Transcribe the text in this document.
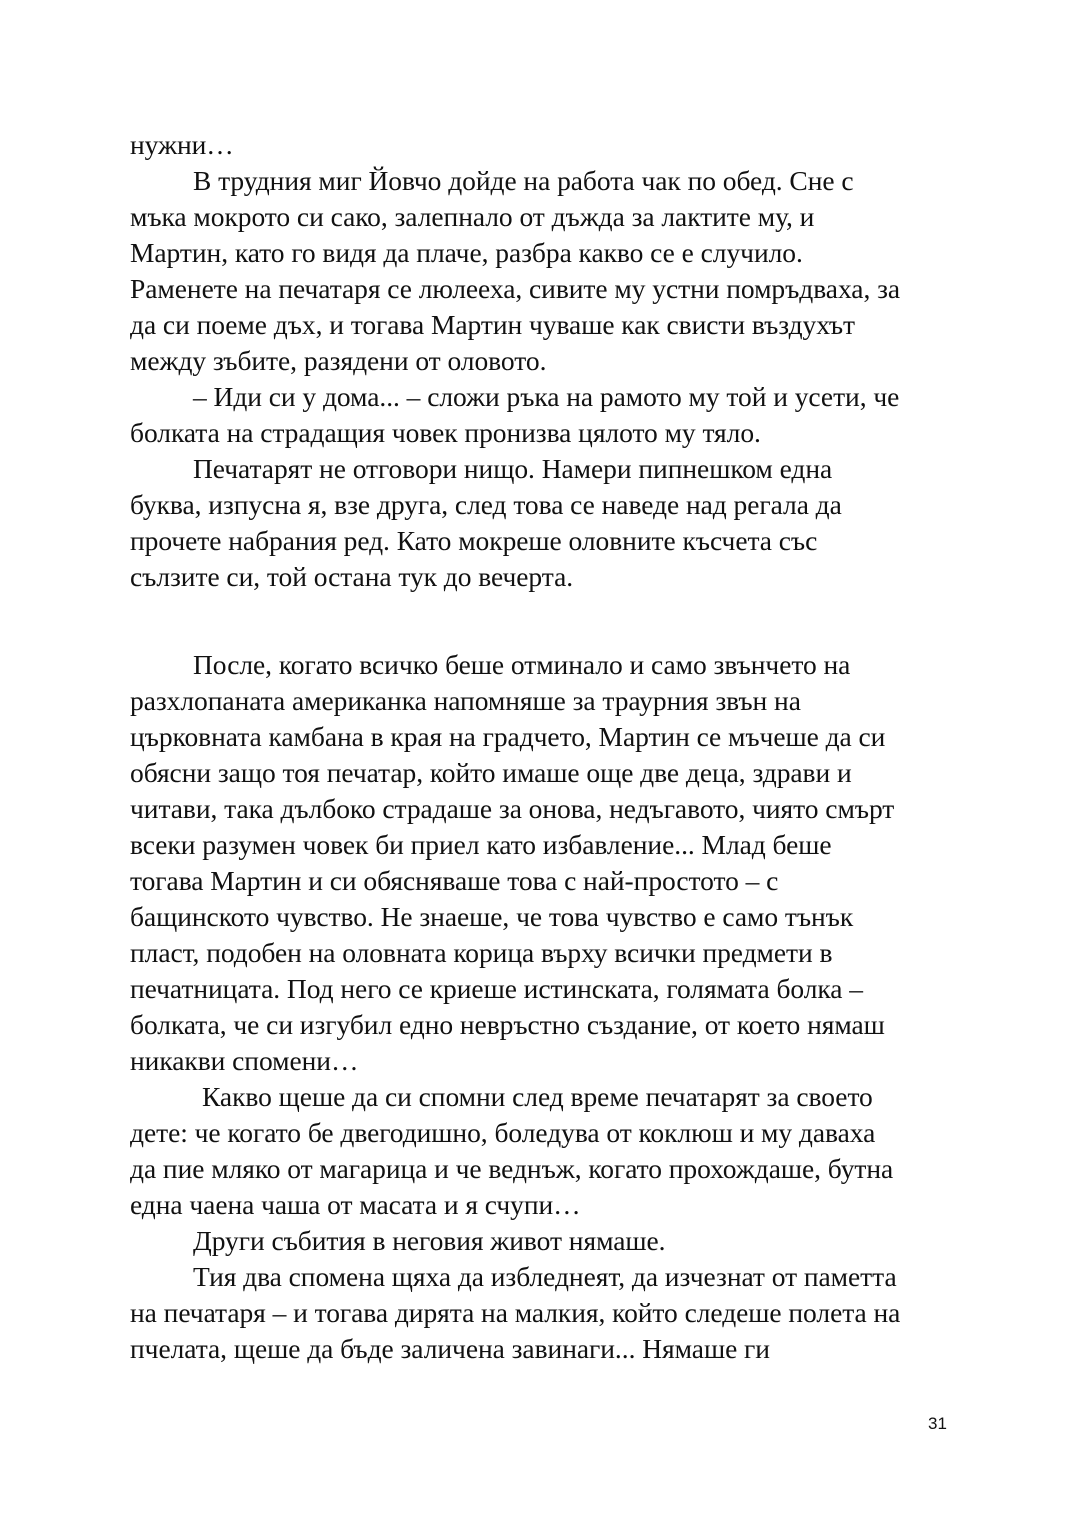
нужни…
В трудния миг Йовчо дойде на работа чак по обед. Сне с
мъка мокрото си сако, залепнало от дъжда за лактите му, и
Мартин, като го видя да плаче, разбра какво се е случило.
Раменете на печатаря се люлееха, сивите му устни помръдваха, за
да си поеме дъх, и тогава Мартин чуваше как свисти въздухът
между зъбите, разядени от оловото.
– Иди си у дома... – сложи ръка на рамото му той и усети, че
болката на страдащия човек пронизва цялото му тяло.
Печатарят не отговори нищо. Намери пипнешком една
буква, изпусна я, взе друга, след това се наведе над регала да
прочете набрания ред. Като мокреше оловните късчета със
сълзите си, той остана тук до вечерта.
После, когато всичко беше отминало и само звънчето на
разхлопаната американка напомняше за траурния звън на
църковната камбана в края на градчето, Мартин се мъчеше да си
обясни защо тоя печатар, който имаше още две деца, здрави и
читави, така дълбоко страдаше за онова, недъгавото, чиято смърт
всеки разумен човек би приел като избавление... Млад беше
тогава Мартин и си обясняваше това с най-простото – с
бащинското чувство. Не знаеше, че това чувство е само тънък
пласт, подобен на оловната корица върху всички предмети в
печатницата. Под него се криеше истинската, голямата болка –
болката, че си изгубил едно невръстно създание, от което нямаш
никакви спомени…
Какво щеше да си спомни след време печатарят за своето
дете: че когато бе двегодишно, боледува от коклюш и му даваха
да пие мляко от магарица и че веднъж, когато прохождаше, бутна
една чаена чаша от масата и я счупи…
Други събития в неговия живот нямаше.
Тия два спомена щяха да избледнеят, да изчезнат от паметта
на печатаря – и тогава дирята на малкия, който следеше полета на
пчелата, щеше да бъде заличена завинаги... Нямаше ги
31
